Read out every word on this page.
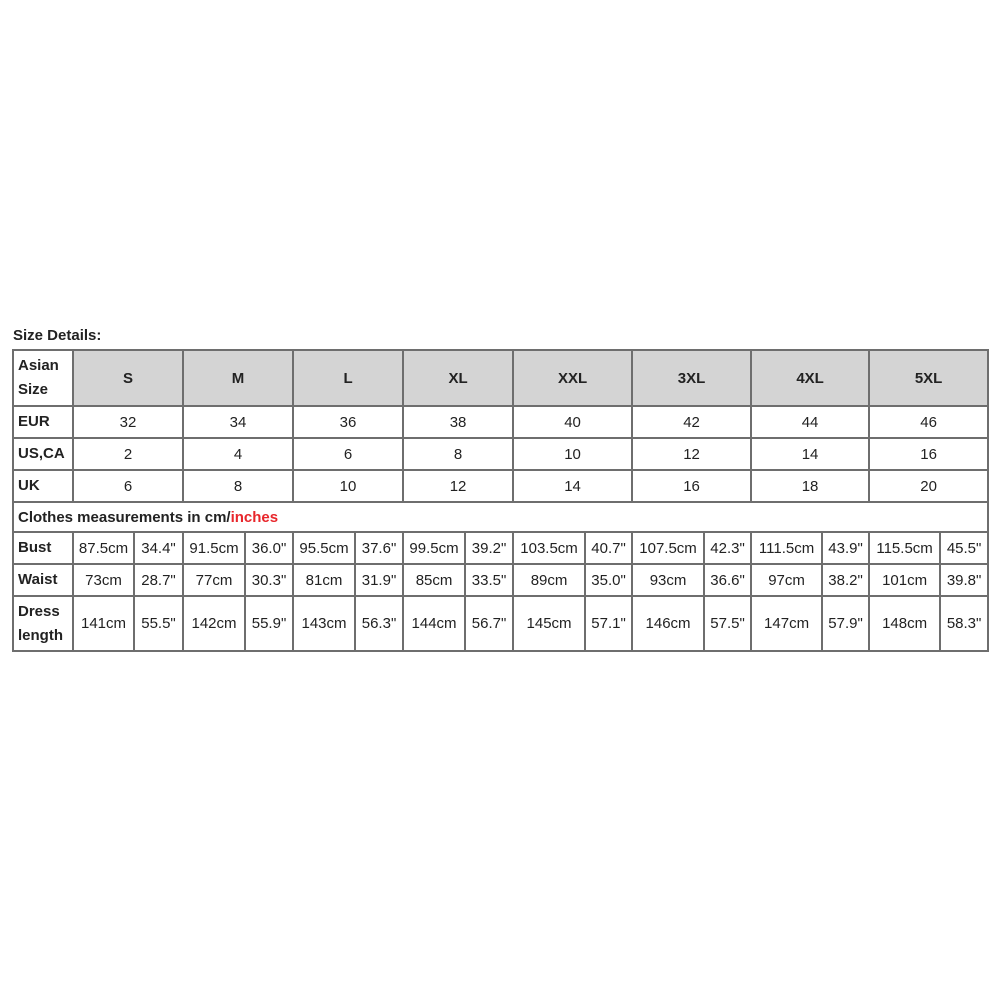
Size Details:
Asian Size	S		M		L		XL		XXL		3XL		4XL		5XL	
EUR	32		34		36		38		40		42		44		46	
US,CA	2		4		6		8		10		12		14		16	
UK	6		8		10		12		14		16		18		20	
Clothes measurements in cm/inches																
Bust	87.5cm	34.4"	91.5cm	36.0"	95.5cm	37.6"	99.5cm	39.2"	103.5cm	40.7"	107.5cm	42.3"	111.5cm	43.9"	115.5cm	45.5"
Waist	73cm	28.7"	77cm	30.3"	81cm	31.9"	85cm	33.5"	89cm	35.0"	93cm	36.6"	97cm	38.2"	101cm	39.8"
Dress length	141cm	55.5"	142cm	55.9"	143cm	56.3"	144cm	56.7"	145cm	57.1"	146cm	57.5"	147cm	57.9"	148cm	58.3"
